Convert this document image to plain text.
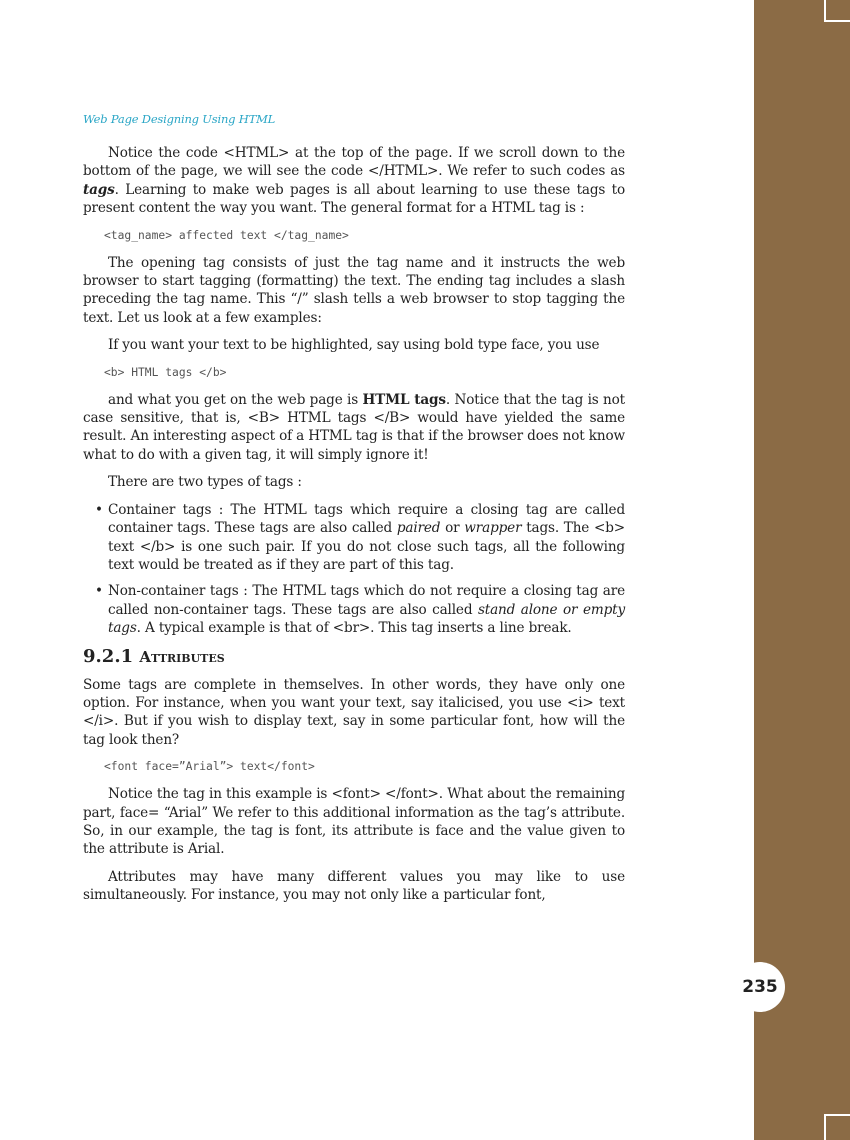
235
Web Page Designing Using HTML

Notice the code <HTML> at the top of the page. If we scroll down to the bottom of the page, we will see the code </HTML>. We refer to such codes as tags. Learning to make web pages is all about learning to use these tags to present content the way you want. The general format for a HTML tag is :

<tag_name> affected text </tag_name>

The opening tag consists of just the tag name and it instructs the web browser to start tagging (formatting) the text. The ending tag includes a slash preceding the tag name. This “/” slash tells a web browser to stop tagging the text. Let us look at a few examples:

If you want your text to be highlighted, say using bold type face, you use

<b> HTML tags </b>

and what you get on the web page is HTML tags. Notice that the tag is not case sensitive, that is, <B> HTML tags </B> would have yielded the same result. An interesting aspect of a HTML tag is that if the browser does not know what to do with a given tag, it will simply ignore it!

There are two types of tags :

• Container tags : The HTML tags which require a closing tag are called container tags. These tags are also called paired or wrapper tags. The <b> text </b> is one such pair. If you do not close such tags, all the following text would be treated as if they are part of this tag.
• Non-container tags : The HTML tags which do not require a closing tag are called non-container tags. These tags are also called stand alone or empty tags. A typical example is that of <br>. This tag inserts a line break.
9.2.1 Attributes

Some tags are complete in themselves. In other words, they have only one option. For instance, when you want your text, say italicised, you use <i> text </i>. But if you wish to display text, say in some particular font, how will the tag look then?

<font face=”Arial”> text</font>

Notice the tag in this example is <font> </font>. What about the remaining part, face= “Arial” We refer to this additional information as the tag’s attribute. So, in our example, the tag is font, its attribute is face and the value given to the attribute is Arial.

Attributes may have many different values you may like to use simultaneously. For instance, you may not only like a particular font,
